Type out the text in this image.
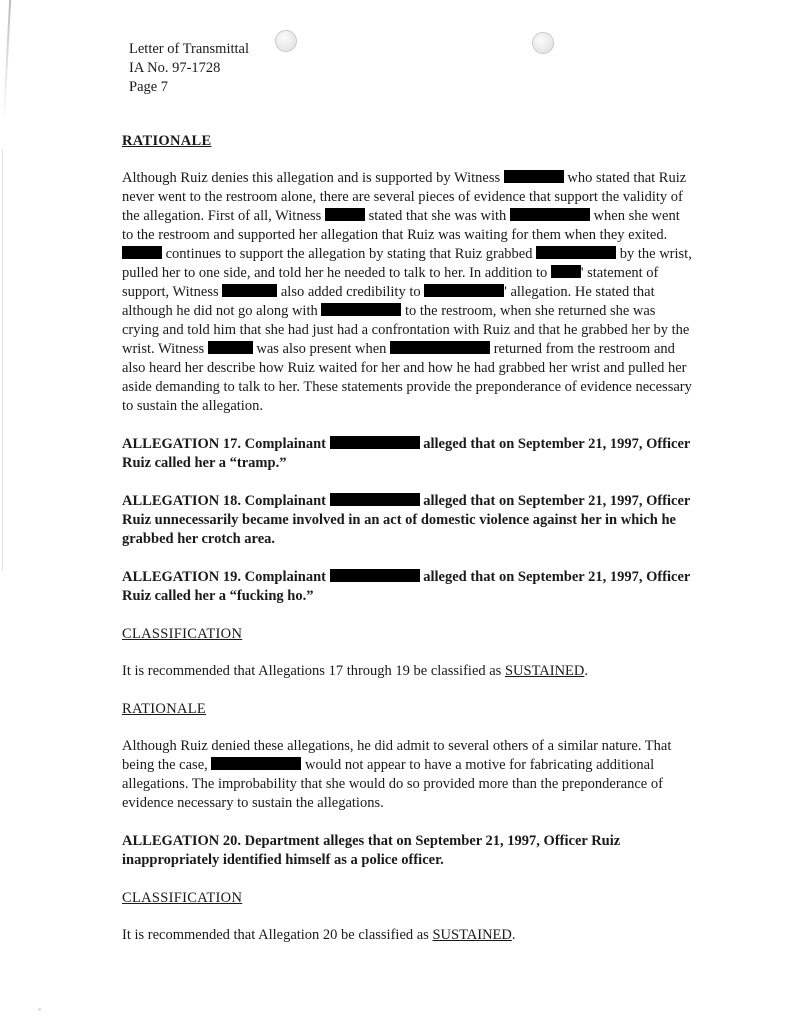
Letter of Transmittal
IA No. 97-1728
Page 7
RATIONALE

Although Ruiz denies this allegation and is supported by Witness	who stated that Ruiz never went to the restroom alone, there are several pieces of evidence that support the validity of the allegation. First of all, Witness	stated that she was with	when she went to the restroom and supported her allegation that Ruiz was waiting for them when they exited.  continues to support the allegation by stating that Ruiz grabbed	by the wrist, pulled her to one side, and told her he needed to talk to her. In addition to ' statement of support, Witness	also added credibility to	' allegation. He stated that although he did not go along with	to the restroom, when she returned she was crying and told him that she had just had a confrontation with Ruiz and that he grabbed her by the wrist. Witness	was also present when	returned from the restroom and also heard her describe how Ruiz waited for her and how he had grabbed her wrist and pulled her aside demanding to talk to her. These statements provide the preponderance of evidence necessary to sustain the allegation.

ALLEGATION 17. Complainant	alleged that on September 21, 1997, Officer Ruiz called her a “tramp.”

ALLEGATION 18. Complainant	alleged that on September 21, 1997, Officer Ruiz unnecessarily became involved in an act of domestic violence against her in which he grabbed her crotch area.

ALLEGATION 19. Complainant	alleged that on September 21, 1997, Officer Ruiz called her a “fucking ho.”

CLASSIFICATION

It is recommended that Allegations 17 through 19 be classified as SUSTAINED.

RATIONALE

Although Ruiz denied these allegations, he did admit to several others of a similar nature. That being the case,	would not appear to have a motive for fabricating additional allegations. The improbability that she would do so provided more than the preponderance of evidence necessary to sustain the allegations.

ALLEGATION 20. Department alleges that on September 21, 1997, Officer Ruiz inappropriately identified himself as a police officer.

CLASSIFICATION

It is recommended that Allegation 20 be classified as SUSTAINED.
